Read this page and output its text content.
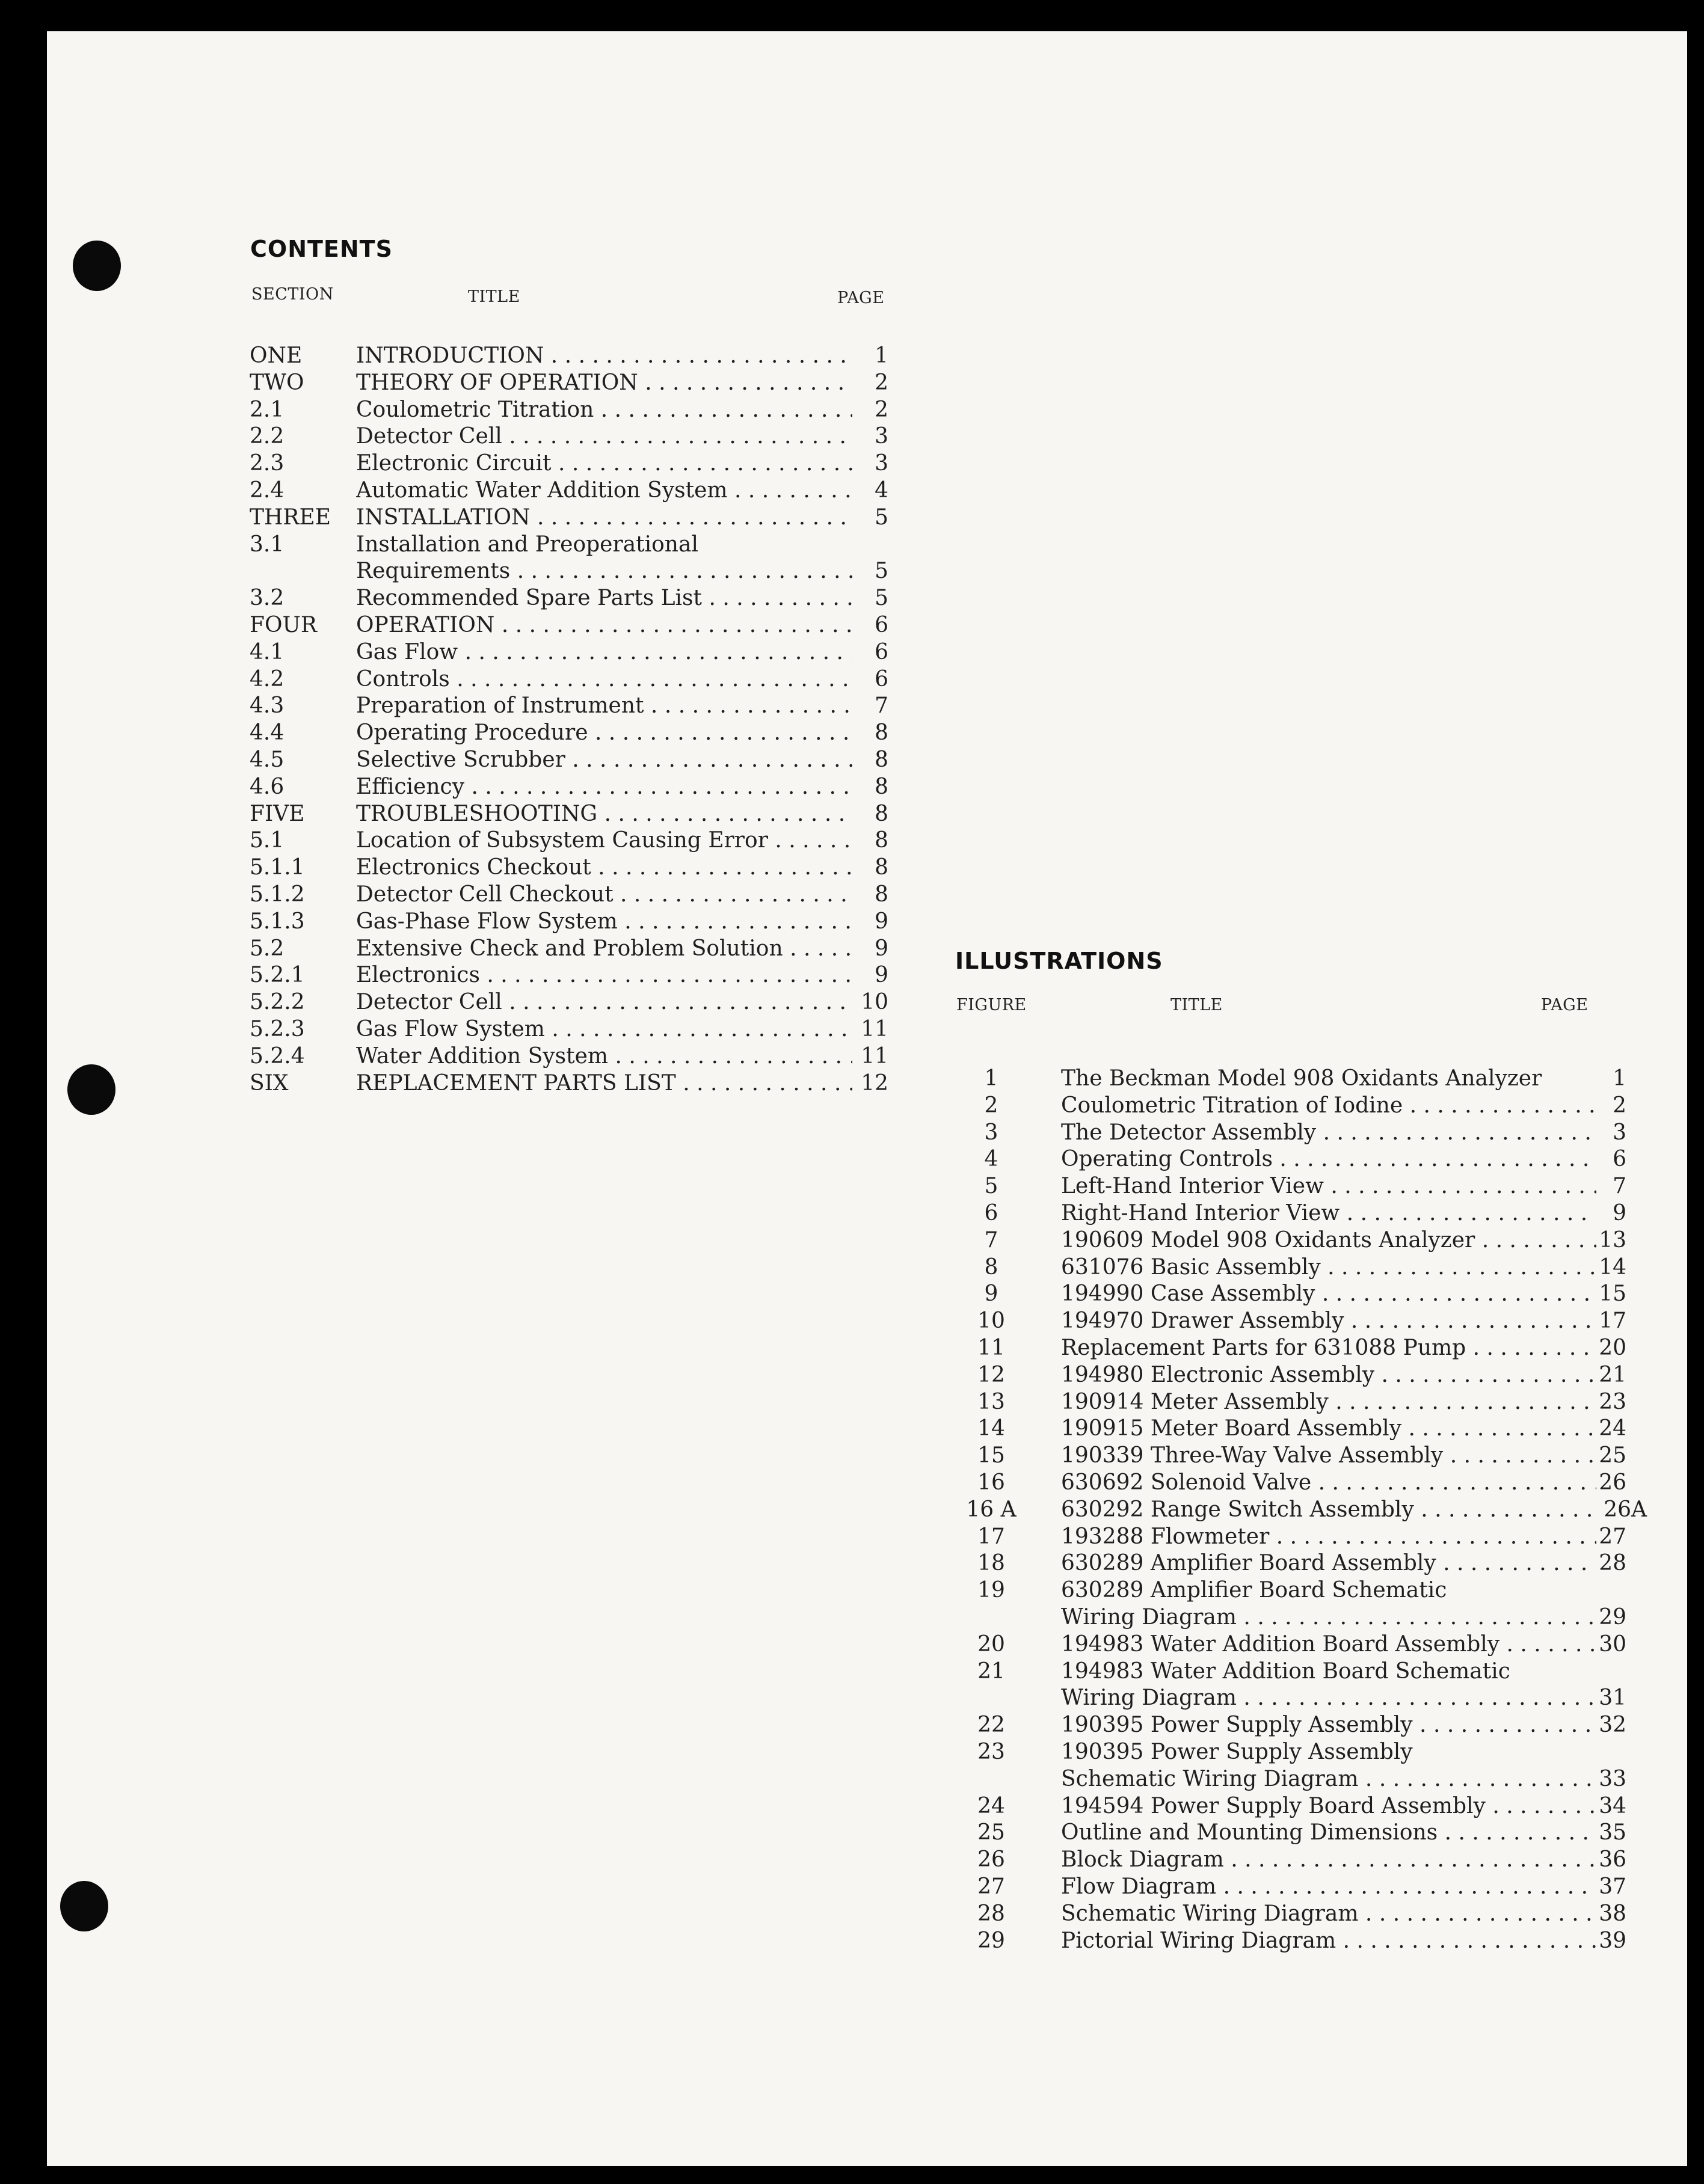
CONTENTS
SECTION	TITLE	PAGE
ONE	INTRODUCTION . . .	1
TWO	THEORY OF OPERATION . . .	2
2.1	Coulometric Titration . . .	2
2.2	Detector Cell . . .	3
2.3	Electronic Circuit . . .	3
2.4	Automatic Water Addition System . . .	4
THREE	INSTALLATION . . .	5
3.1	Installation and Preoperational
Requirements . . .	5
3.2	Recommended Spare Parts List . . .	5
FOUR	OPERATION . . .	6
4.1	Gas Flow . . .	6
4.2	Controls . . .	6
4.3	Preparation of Instrument . . .	7
4.4	Operating Procedure . . .	8
4.5	Selective Scrubber . . .	8
4.6	Efficiency . . .	8
FIVE	TROUBLESHOOTING . . .	8
5.1	Location of Subsystem Causing Error . . .	8
5.1.1	Electronics Checkout . . .	8
5.1.2	Detector Cell Checkout . . .	8
5.1.3	Gas-Phase Flow System . . .	9
5.2	Extensive Check and Problem Solution . . .	9
5.2.1	Electronics . . .	9
5.2.2	Detector Cell . . .	10
5.2.3	Gas Flow System . . .	11
5.2.4	Water Addition System . . .	11
SIX	REPLACEMENT PARTS LIST . . .	12
ILLUSTRATIONS
FIGURE	TITLE	PAGE
1	The Beckman Model 908 Oxidants Analyzer	1
2	Coulometric Titration of Iodine . . .	2
3	The Detector Assembly . . .	3
4	Operating Controls . . .	6
5	Left-Hand Interior View . . .	7
6	Right-Hand Interior View . . .	9
7	190609 Model 908 Oxidants Analyzer . . .	13
8	631076 Basic Assembly . . .	14
9	194990 Case Assembly . . .	15
10	194970 Drawer Assembly . . .	17
11	Replacement Parts for 631088 Pump . . .	20
12	194980 Electronic Assembly . . .	21
13	190914 Meter Assembly . . .	23
14	190915 Meter Board Assembly . . .	24
15	190339 Three-Way Valve Assembly . . .	25
16	630692 Solenoid Valve . . .	26
16 A	630292 Range Switch Assembly . . .	26A
17	193288 Flowmeter . . .	27
18	630289 Amplifier Board Assembly . . .	28
19	630289 Amplifier Board Schematic
Wiring Diagram . . .	29
20	194983 Water Addition Board Assembly . . .	30
21	194983 Water Addition Board Schematic
Wiring Diagram . . .	31
22	190395 Power Supply Assembly . . .	32
23	190395 Power Supply Assembly
Schematic Wiring Diagram . . .	33
24	194594 Power Supply Board Assembly . . .	34
25	Outline and Mounting Dimensions . . .	35
26	Block Diagram . . .	36
27	Flow Diagram . . .	37
28	Schematic Wiring Diagram . . .	38
29	Pictorial Wiring Diagram . . .	39
